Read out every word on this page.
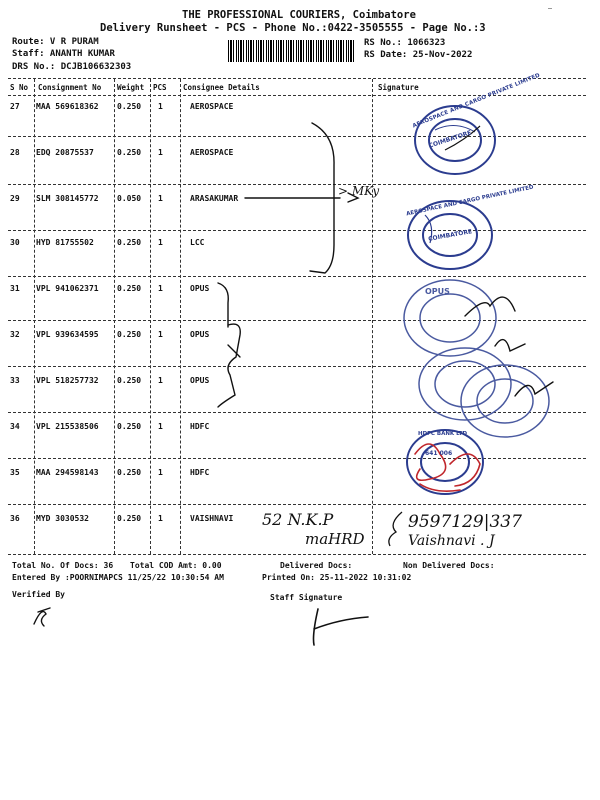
THE PROFESSIONAL COURIERS, Coimbatore
Delivery Runsheet - PCS - Phone No.:0422-3505555 - Page No.:3
Route: V R PURAM
Staff: ANANTH KUMAR
DRS No.: DCJB106632303
RS No.: 1066323
RS Date: 25-Nov-2022
S No Consignment No Weight PCS Consignee Details	Signature
27 MAA 569618362 0.250 1	AEROSPACE
28 EDQ 20875537	0.250 1	AEROSPACE
29 SLM 308145772 0.050 1	ARASAKUMAR
30 HYD 81755502	0.250 1	LCC
31 VPL 941062371 0.250 1	OPUS
32 VPL 939634595 0.250 1	OPUS
33 VPL 518257732 0.250 1	OPUS
34 VPL 215538506 0.250 1	HDFC
35 MAA 294598143 0.250 1	HDFC
36 MYD 3030532	0.250 1	VAISHNAVI
> MKy
COIMBATORE
AEROSPACE AND CARGO PRIVATE LIMITED
COIMBATORE
AEROSPACE AND CARGO PRIVATE LIMITED
OPUS
641 006
HDFC BANK LTD
52 N.K.P
maHRD
9597129|337
Vaishnavi . J
Total No. Of Docs: 36 Total COD Amt: 0.00	Delivered Docs:	Non Delivered Docs:
Entered By :POORNIMAPCS 11/25/22 10:30:54 AM	Printed On: 25-11-2022 10:31:02
Verified By	Staff Signature
